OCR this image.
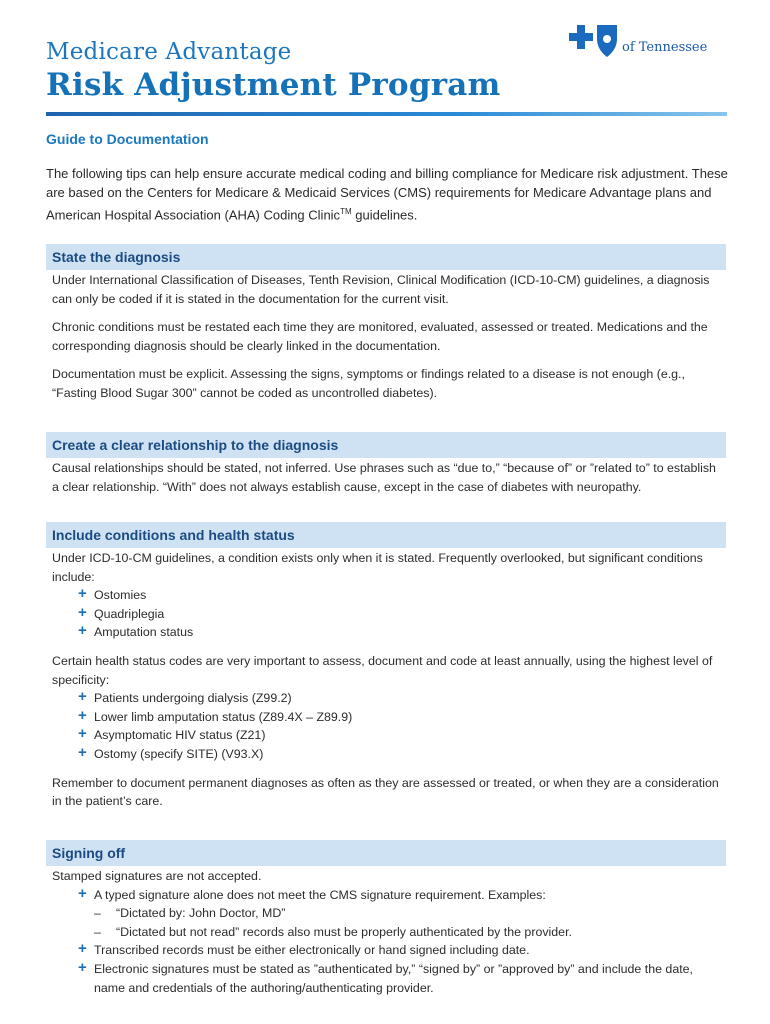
Medicare Advantage
Risk Adjustment Program
of Tennessee
Guide to Documentation
The following tips can help ensure accurate medical coding and billing compliance for Medicare risk adjustment. These are based on the Centers for Medicare & Medicaid Services (CMS) requirements for Medicare Advantage plans and American Hospital Association (AHA) Coding Clinic™ guidelines.
State the diagnosis

Under International Classification of Diseases, Tenth Revision, Clinical Modification (ICD-10-CM) guidelines, a diagnosis can only be coded if it is stated in the documentation for the current visit.

Chronic conditions must be restated each time they are monitored, evaluated, assessed or treated. Medications and the corresponding diagnosis should be clearly linked in the documentation.

Documentation must be explicit. Assessing the signs, symptoms or findings related to a disease is not enough (e.g., “Fasting Blood Sugar 300” cannot be coded as uncontrolled diabetes).

Create a clear relationship to the diagnosis

Causal relationships should be stated, not inferred. Use phrases such as “due to,” “because of” or ”related to” to establish a clear relationship. “With” does not always establish cause, except in the case of diabetes with neuropathy.

Include conditions and health status
Under ICD-10-CM guidelines, a condition exists only when it is stated. Frequently overlooked, but significant conditions include:
+ Ostomies
+ Quadriplegia
+ Amputation status
Certain health status codes are very important to assess, document and code at least annually, using the highest level of specificity:
+ Patients undergoing dialysis (Z99.2)
+ Lower limb amputation status (Z89.4X – Z89.9)
+ Asymptomatic HIV status (Z21)
+ Ostomy (specify SITE) (V93.X)
Remember to document permanent diagnoses as often as they are assessed or treated, or when they are a consideration in the patient’s care.
Signing off
Stamped signatures are not accepted.
+ A typed signature alone does not meet the CMS signature requirement. Examples:
– “Dictated by: John Doctor, MD”
– “Dictated but not read” records also must be properly authenticated by the provider.
+ Transcribed records must be either electronically or hand signed including date.
+ Electronic signatures must be stated as ”authenticated by,” “signed by” or ”approved by” and include the date, name and credentials of the authoring/authenticating provider.
